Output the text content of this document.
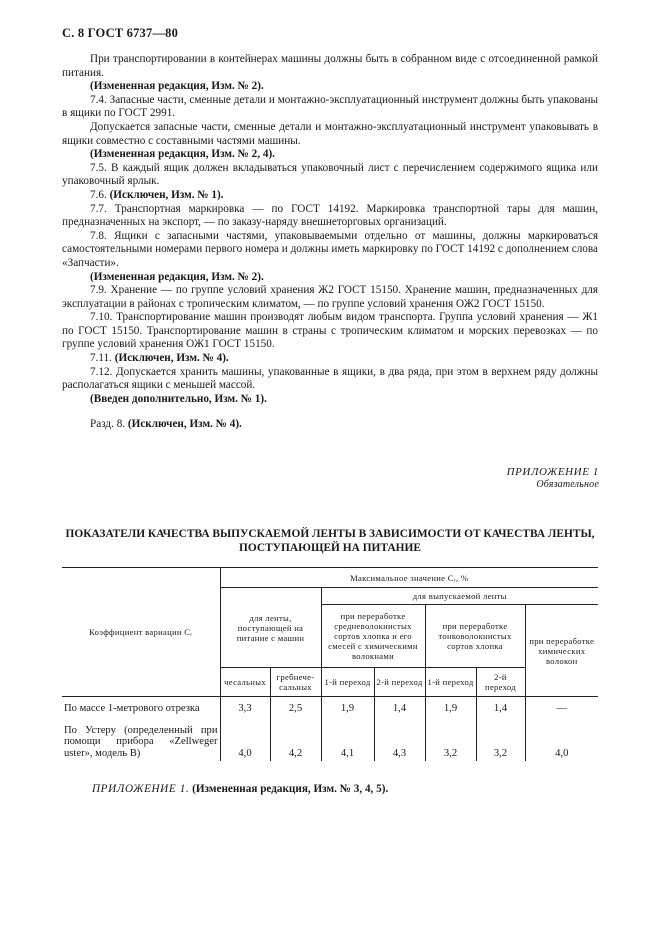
С. 8 ГОСТ 6737—80

При транспортировании в контейнерах машины должны быть в собранном виде с отсоединенной рамкой питания.

(Измененная редакция, Изм. № 2).

7.4. Запасные части, сменные детали и монтажно-эксплуатационный инструмент должны быть упакованы в ящики по ГОСТ 2991.

Допускается запасные части, сменные детали и монтажно-эксплуатационный инструмент упаковывать в ящики совместно с составными частями машины.

(Измененная редакция, Изм. № 2, 4).

7.5. В каждый ящик должен вкладываться упаковочный лист с перечислением содержимого ящика или упаковочный ярлык.

7.6. (Исключен, Изм. № 1).

7.7. Транспортная маркировка — по ГОСТ 14192. Маркировка транспортной тары для машин, предназначенных на экспорт, — по заказу-наряду внешнеторговых организаций.

7.8. Ящики с запасными частями, упаковываемыми отдельно от машины, должны маркироваться самостоятельными номерами первого номера и должны иметь маркировку по ГОСТ 14192 с дополнением слова «Запчасти».

(Измененная редакция, Изм. № 2).

7.9. Хранение — по группе условий хранения Ж2 ГОСТ 15150. Хранение машин, предназначенных для эксплуатации в районах с тропическим климатом, — по группе условий хранения ОЖ2 ГОСТ 15150.

7.10. Транспортирование машин производят любым видом транспорта. Группа условий хранения — Ж1 по ГОСТ 15150. Транспортирование машин в страны с тропическим климатом и морских перевозках — по группе условий хранения ОЖ1 ГОСТ 15150.

7.11. (Исключен, Изм. № 4).

7.12. Допускается хранить машины, упакованные в ящики, в два ряда, при этом в верхнем ряду должны располагаться ящики с меньшей массой.

(Введен дополнительно, Изм. № 1).

Разд. 8. (Исключен, Изм. № 4).

ПРИЛОЖЕНИЕ 1
Обязательное
ПОКАЗАТЕЛИ КАЧЕСТВА ВЫПУСКАЕМОЙ ЛЕНТЫ В ЗАВИСИМОСТИ ОТ КАЧЕСТВА ЛЕНТЫ, ПОСТУПАЮЩЕЙ НА ПИТАНИЕ
Коэффициент вариации Сᵣ	Максимальное значение Сᵣ, %						
	для ленты, поступающей на питание с машин		для выпускаемой ленты				
			при переработке средневолокнистых сортов хлопка и его смесей с химическими волокнами		при переработке тонковолокнистых сортов хлопка		при переработке химических волокон
	чесальных	гребнече-сальных	1-й переход	2-й переход	1-й переход	2-й переход	
По массе 1-метрового отрезка	3,3	2,5	1,9	1,4	1,9	1,4	—
По Устеру (определенный при помощи прибора «Zellweger uster», модель В)	4,0	4,2	4,1	4,3	3,2	3,2	4,0
ПРИЛОЖЕНИЕ 1. (Измененная редакция, Изм. № 3, 4, 5).
